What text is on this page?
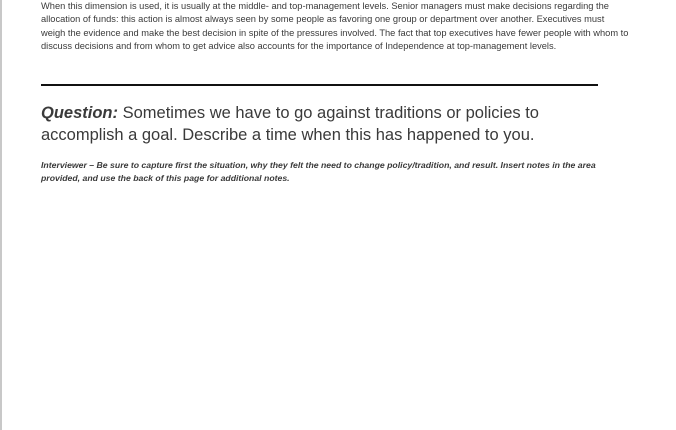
When this dimension is used, it is usually at the middle- and top-management levels. Senior managers must make decisions regarding the allocation of funds: this action is almost always seen by some people as favoring one group or department over another. Executives must weigh the evidence and make the best decision in spite of the pressures involved. The fact that top executives have fewer people with whom to discuss decisions and from whom to get advice also accounts for the importance of Independence at top-management levels.

Question: Sometimes we have to go against traditions or policies to accomplish a goal. Describe a time when this has happened to you.

Interviewer – Be sure to capture first the situation, why they felt the need to change policy/tradition, and result. Insert notes in the area provided, and use the back of this page for additional notes.
